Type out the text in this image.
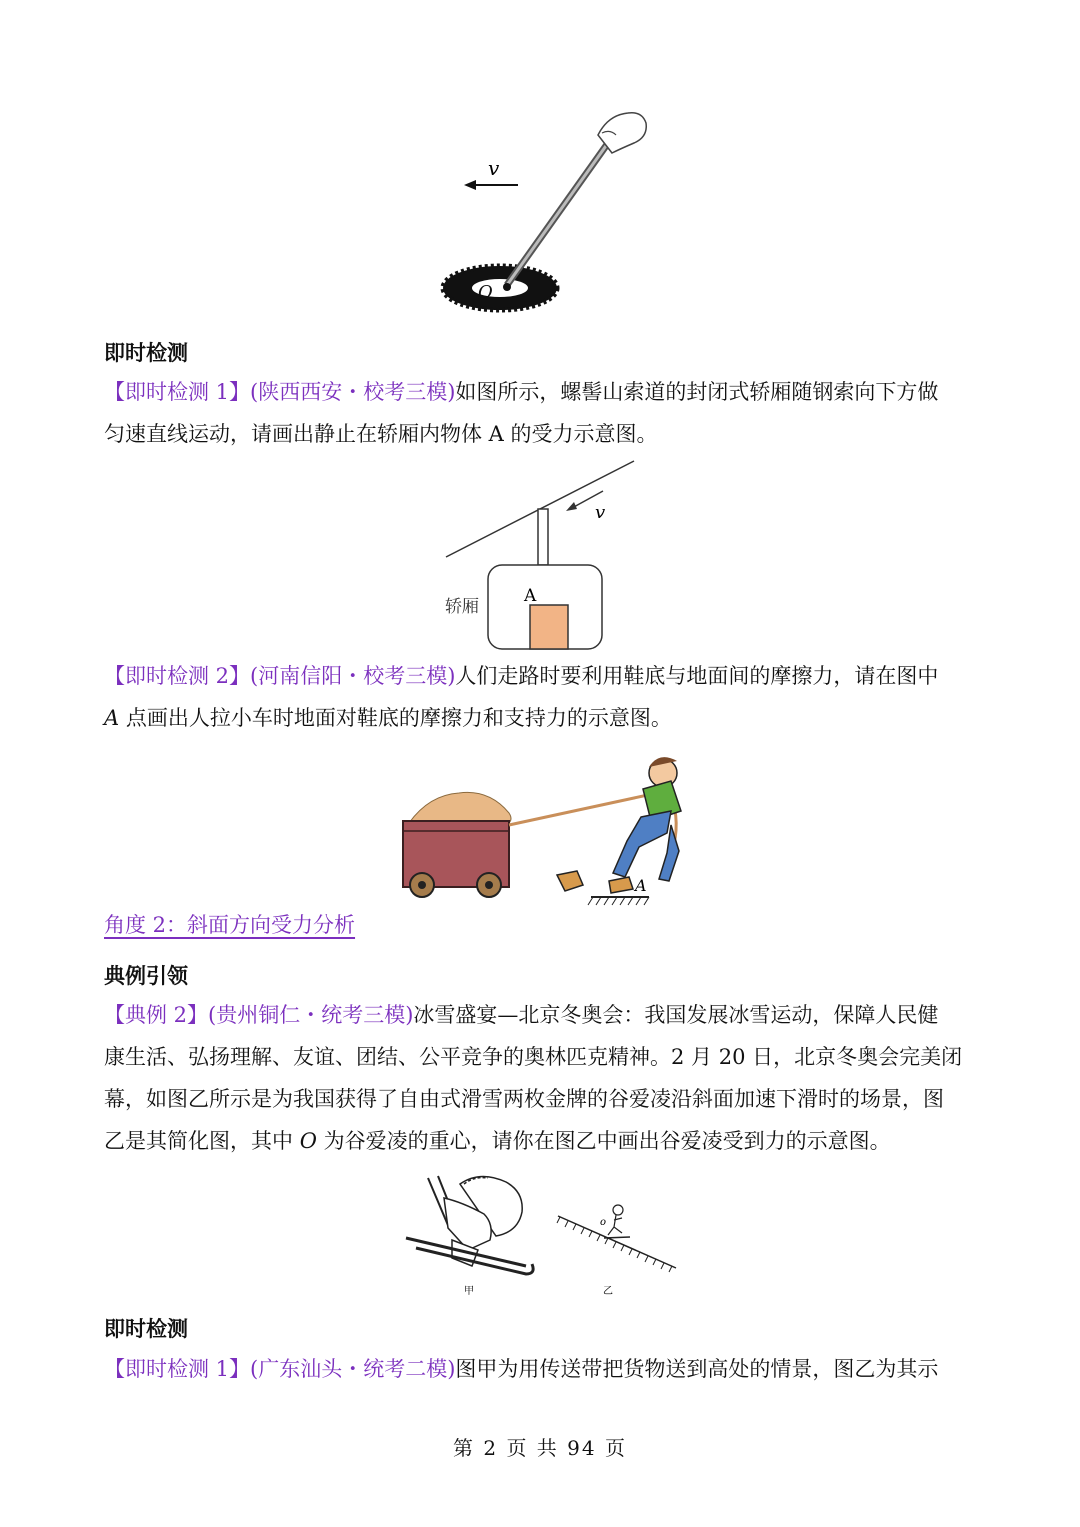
v
O
即时检测

【即时检测 1】(陕西西安・校考三模)如图所示，螺髻山索道的封闭式轿厢随钢索向下方做
匀速直线运动，请画出静止在轿厢内物体 A 的受力示意图。

v
A
轿厢

【即时检测 2】(河南信阳・校考三模)人们走路时要利用鞋底与地面间的摩擦力，请在图中
A 点画出人拉小车时地面对鞋底的摩擦力和支持力的示意图。

A
角度 2：斜面方向受力分析
典例引领

【典例 2】(贵州铜仁・统考三模)冰雪盛宴—北京冬奥会：我国发展冰雪运动，保障人民健
康生活、弘扬理解、友谊、团结、公平竞争的奥林匹克精神。2 月 20 日，北京冬奥会完美闭
幕，如图乙所示是为我国获得了自由式滑雪两枚金牌的谷爱凌沿斜面加速下滑时的场景，图
乙是其简化图，其中 O 为谷爱凌的重心，请你在图乙中画出谷爱凌受到力的示意图。

甲
o
乙
即时检测

【即时检测 1】(广东汕头・统考二模)图甲为用传送带把货物送到高处的情景，图乙为其示

第 2 页 共 94 页
